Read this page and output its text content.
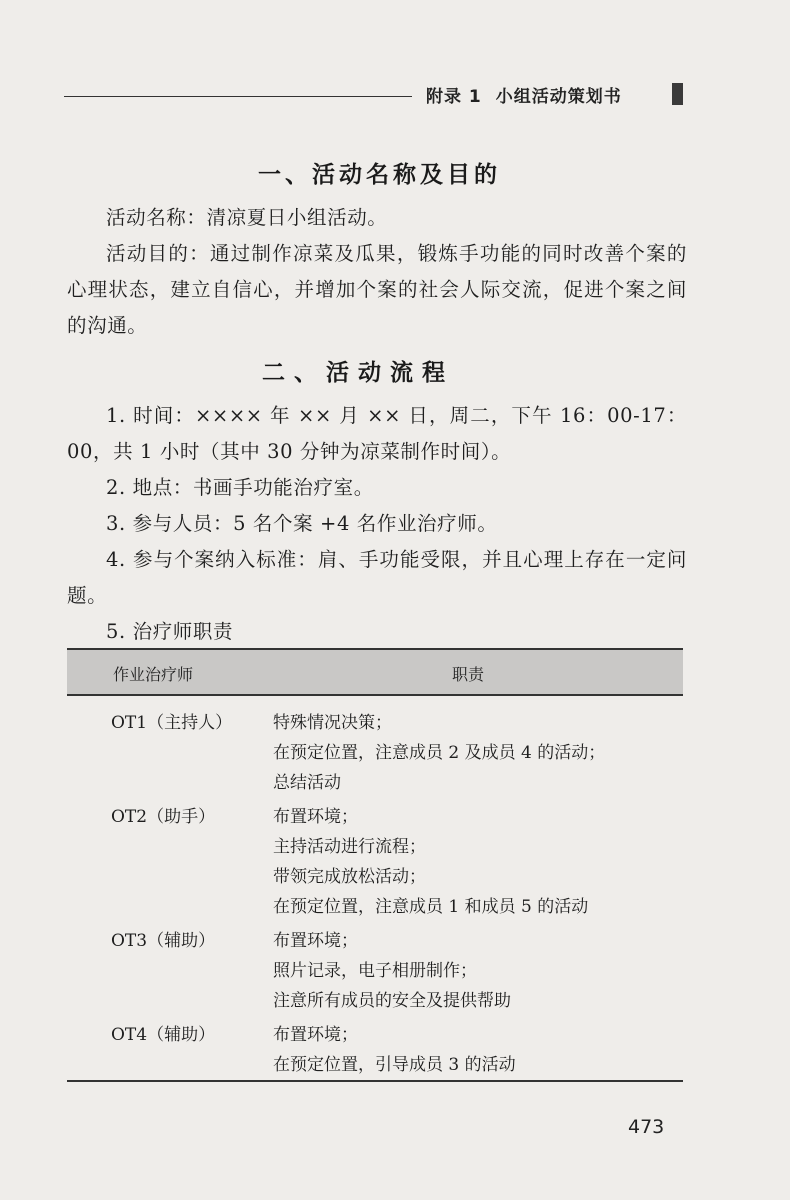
附录 1 小组活动策划书
一、活动名称及目的

活动名称：清凉夏日小组活动。

活动目的：通过制作凉菜及瓜果，锻炼手功能的同时改善个案的心理状态，建立自信心，并增加个案的社会人际交流，促进个案之间的沟通。

二、活动流程

1. 时间：×××× 年 ×× 月 ×× 日，周二，下午 16：00-17：00，共 1 小时（其中 30 分钟为凉菜制作时间）。

2. 地点：书画手功能治疗室。

3. 参与人员：5 名个案 +4 名作业治疗师。

4. 参与个案纳入标准：肩、手功能受限，并且心理上存在一定问题。

5. 治疗师职责

作业治疗师	职责
OT1（主持人） 特殊情况决策；
在预定位置，注意成员 2 及成员 4 的活动；
总结活动
OT2（助手）	布置环境；
主持活动进行流程；
带领完成放松活动；
在预定位置，注意成员 1 和成员 5 的活动
OT3（辅助）	布置环境；
照片记录，电子相册制作；
注意所有成员的安全及提供帮助
OT4（辅助）	布置环境；
在预定位置，引导成员 3 的活动
473
